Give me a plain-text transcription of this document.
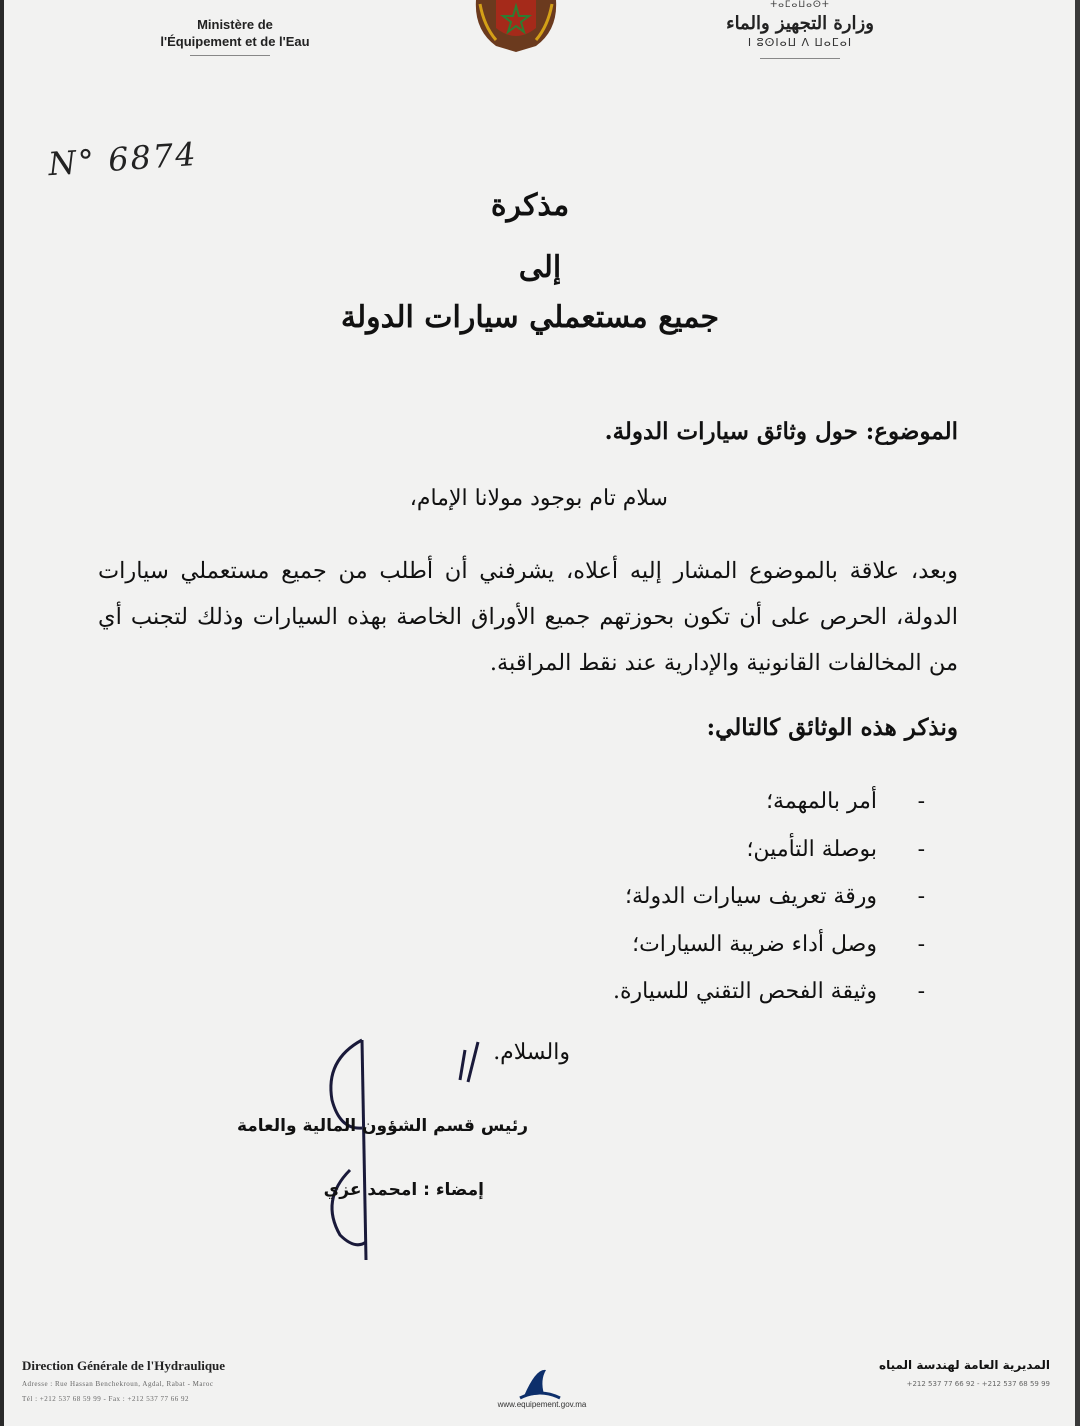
Ministère de
l'Équipement et de l'Eau
ⵜⴰⵎⴰⵡⴰⵙⵜ
وزارة التجهيز والماء
ⵏ ⵓⵙⵏⴰⵡ ⴷ ⵡⴰⵎⴰⵏ
N° 6874
مذكرة
إلى
جميع مستعملي سيارات الدولة
الموضوع: حول وثائق سيارات الدولة.
سلام تام بوجود مولانا الإمام،
وبعد، علاقة بالموضوع المشار إليه أعلاه، يشرفني أن أطلب من جميع مستعملي سيارات الدولة، الحرص على أن تكون بحوزتهم جميع الأوراق الخاصة بهذه السيارات وذلك لتجنب أي من المخالفات القانونية والإدارية عند نقط المراقبة.
ونذكر هذه الوثائق كالتالي:
-
أمر بالمهمة؛
-
بوصلة التأمين؛
-
ورقة تعريف سيارات الدولة؛
-
وصل أداء ضريبة السيارات؛
-
وثيقة الفحص التقني للسيارة.
والسلام.
رئيس قسم الشؤون المالية والعامة
إمضاء : امحمد عزي
Direction Générale de l'Hydraulique
Adresse : Rue Hassan Benchekroun, Agdal, Rabat - Maroc
Tél : +212 537 68 59 99 - Fax : +212 537 77 66 92
www.equipement.gov.ma
المديرية العامة لهندسة المياه
+212 537 77 66 92 - +212 537 68 59 99
